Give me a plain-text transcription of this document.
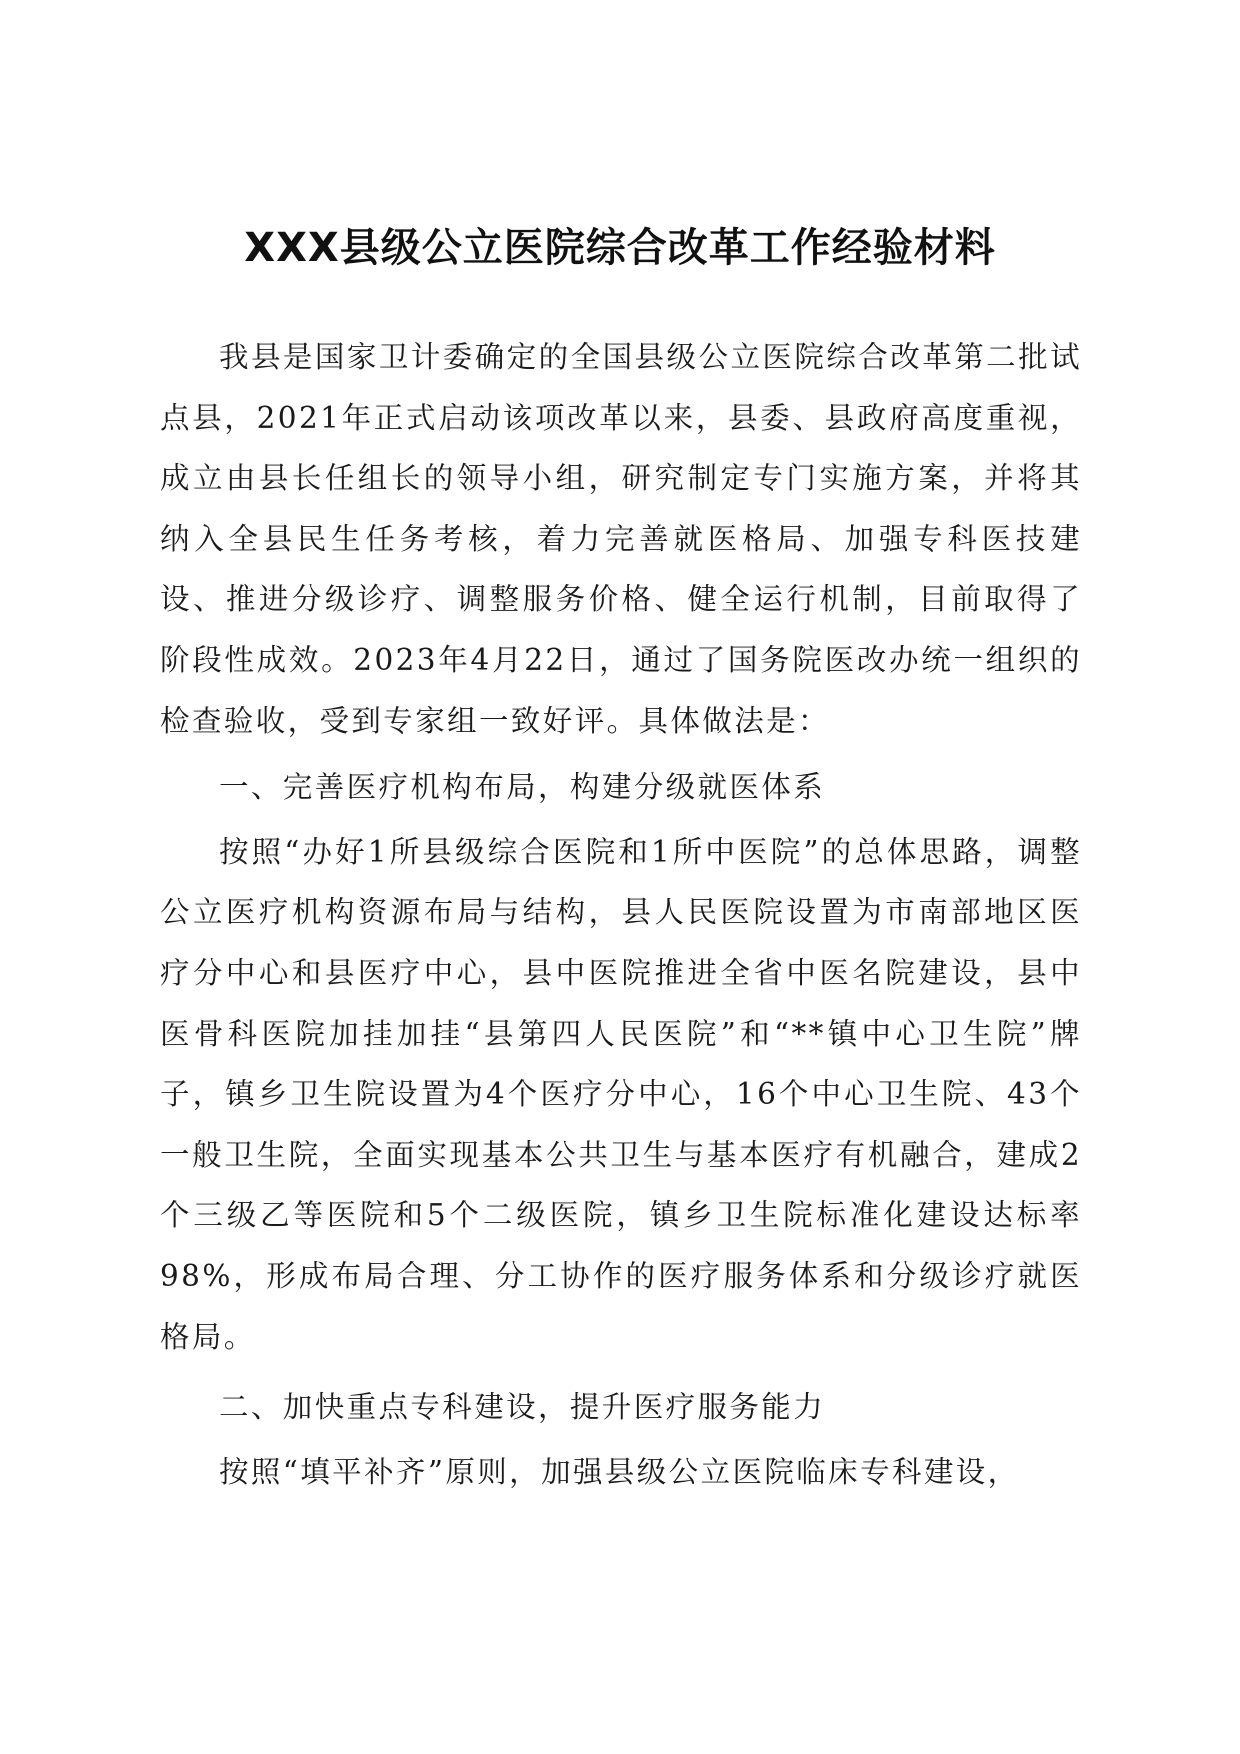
XXX县级公立医院综合改革工作经验材料

我县是国家卫计委确定的全国县级公立医院综合改革第二批试点县，2021年正式启动该项改革以来，县委、县政府高度重视，成立由县长任组长的领导小组，研究制定专门实施方案，并将其纳入全县民生任务考核，着力完善就医格局、加强专科医技建设、推进分级诊疗、调整服务价格、健全运行机制，目前取得了阶段性成效。2023年4月22日，通过了国务院医改办统一组织的检查验收，受到专家组一致好评。具体做法是：

一、完善医疗机构布局，构建分级就医体系

按照“办好1所县级综合医院和1所中医院”的总体思路，调整公立医疗机构资源布局与结构，县人民医院设置为市南部地区医疗分中心和县医疗中心，县中医院推进全省中医名院建设，县中医骨科医院加挂加挂“县第四人民医院”和“**镇中心卫生院”牌子，镇乡卫生院设置为4个医疗分中心，16个中心卫生院、43个一般卫生院，全面实现基本公共卫生与基本医疗有机融合，建成2个三级乙等医院和5个二级医院，镇乡卫生院标准化建设达标率98%，形成布局合理、分工协作的医疗服务体系和分级诊疗就医格局。

二、加快重点专科建设，提升医疗服务能力

按照“填平补齐”原则，加强县级公立医院临床专科建设，
